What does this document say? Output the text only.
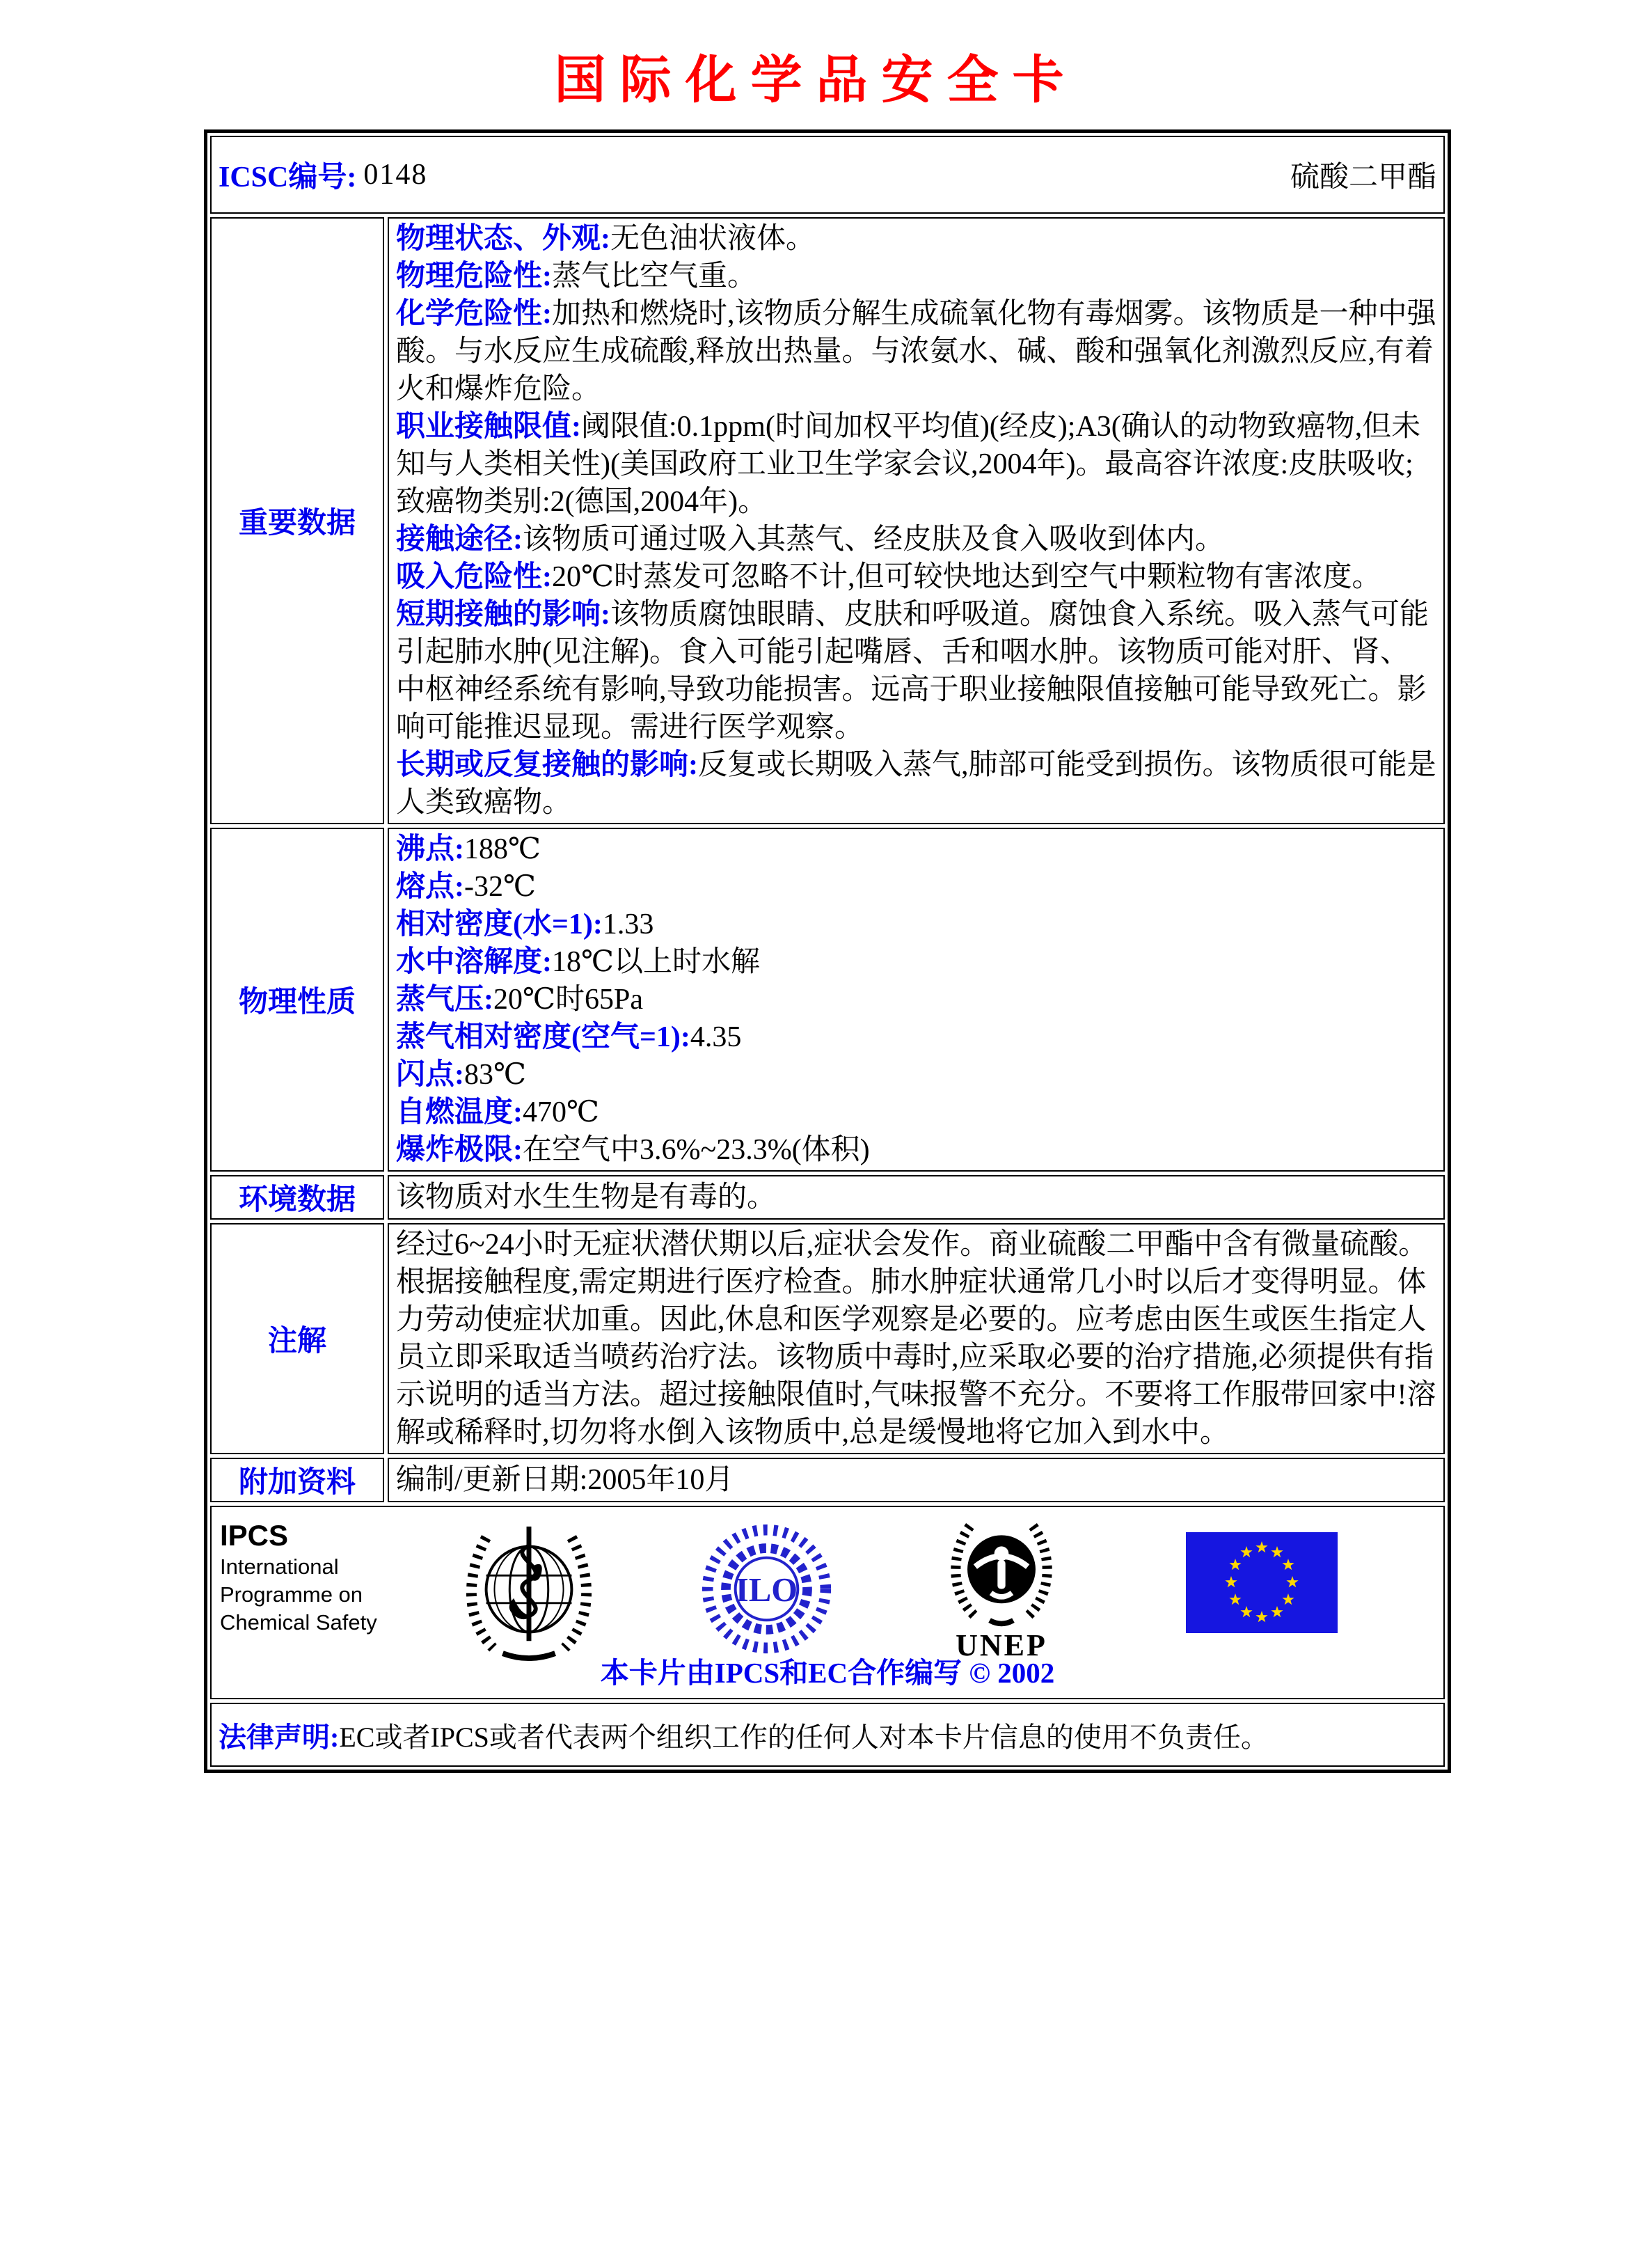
国际化学品安全卡
ICSC编号: 0148	硫酸二甲酯
重要数据
物理状态、外观:无色油状液体。
物理危险性:蒸气比空气重。
化学危险性:加热和燃烧时,该物质分解生成硫氧化物有毒烟雾。该物质是一种中强酸。与水反应生成硫酸,释放出热量。与浓氨水、碱、酸和强氧化剂激烈反应,有着火和爆炸危险。
职业接触限值:阈限值:0.1ppm(时间加权平均值)(经皮);A3(确认的动物致癌物,但未知与人类相关性)(美国政府工业卫生学家会议,2004年)。最高容许浓度:皮肤吸收;致癌物类别:2(德国,2004年)。
接触途径:该物质可通过吸入其蒸气、经皮肤及食入吸收到体内。
吸入危险性:20℃时蒸发可忽略不计,但可较快地达到空气中颗粒物有害浓度。
短期接触的影响:该物质腐蚀眼睛、皮肤和呼吸道。腐蚀食入系统。吸入蒸气可能引起肺水肿(见注解)。食入可能引起嘴唇、舌和咽水肿。该物质可能对肝、肾、中枢神经系统有影响,导致功能损害。远高于职业接触限值接触可能导致死亡。影响可能推迟显现。需进行医学观察。
长期或反复接触的影响:反复或长期吸入蒸气,肺部可能受到损伤。该物质很可能是人类致癌物。
物理性质
沸点:188℃
熔点:-32℃
相对密度(水=1):1.33
水中溶解度:18℃以上时水解
蒸气压:20℃时65Pa
蒸气相对密度(空气=1):4.35
闪点:83℃
自燃温度:470℃
爆炸极限:在空气中3.6%~23.3%(体积)
环境数据	该物质对水生生物是有毒的。
注解
经过6~24小时无症状潜伏期以后,症状会发作。商业硫酸二甲酯中含有微量硫酸。　根据接触程度,需定期进行医疗检查。肺水肿症状通常几小时以后才变得明显。体力劳动使症状加重。因此,休息和医学观察是必要的。应考虑由医生或医生指定人员立即采取适当喷药治疗法。该物质中毒时,应采取必要的治疗措施,必须提供有指示说明的适当方法。超过接触限值时,气味报警不充分。不要将工作服带回家中!溶解或稀释时,切勿将水倒入该物质中,总是缓慢地将它加入到水中。
附加资料	编制/更新日期:2005年10月
IPCS
International
Programme on
Chemical Safety
ILO
UNEP
本卡片由IPCS和EC合作编写 © 2002
法律声明: EC或者IPCS或者代表两个组织工作的任何人对本卡片信息的使用不负责任。
